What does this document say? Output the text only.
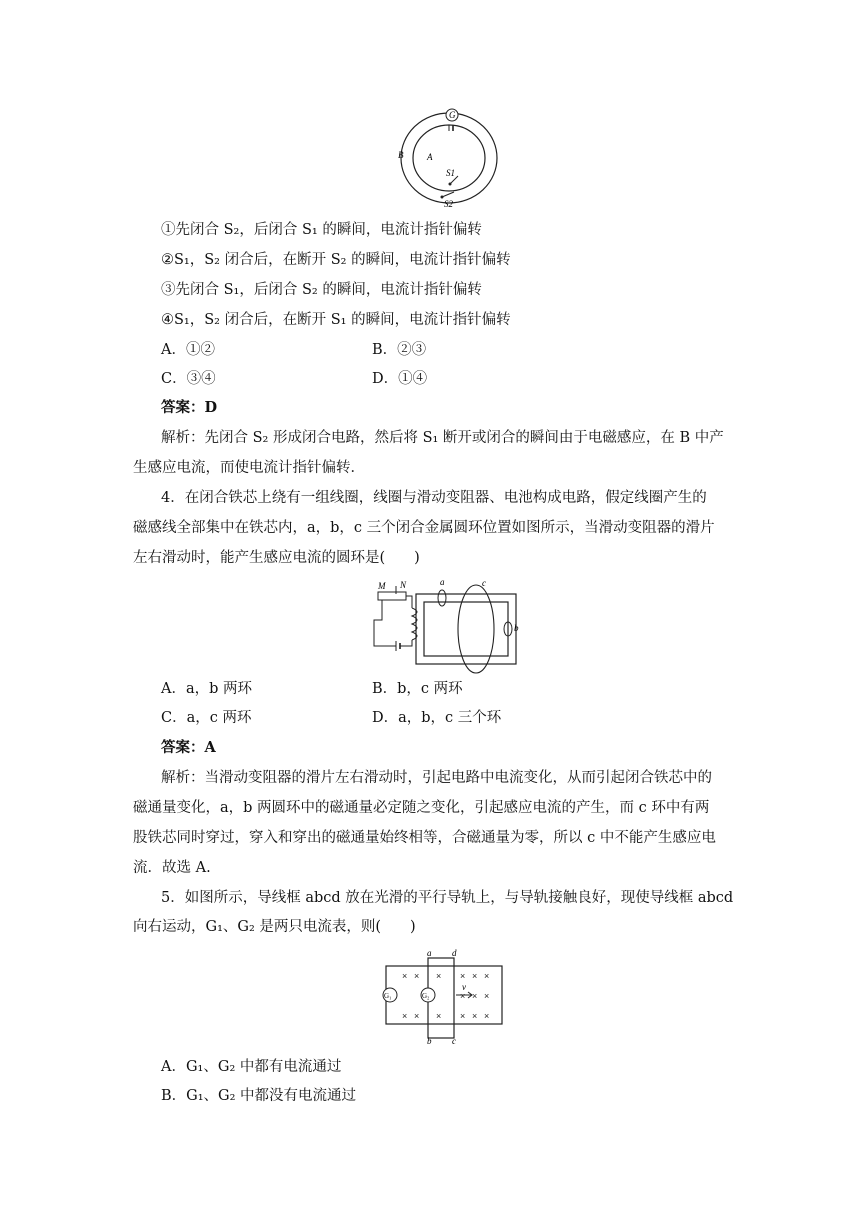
G
B	A
S1
S2
①先闭合 S₂，后闭合 S₁ 的瞬间，电流计指针偏转
②S₁，S₂ 闭合后，在断开 S₂ 的瞬间，电流计指针偏转
③先闭合 S₁，后闭合 S₂ 的瞬间，电流计指针偏转
④S₁，S₂ 闭合后，在断开 S₁ 的瞬间，电流计指针偏转
A．①②	B．②③
C．③④	D．①④
答案：D
解析：先闭合 S₂ 形成闭合电路，然后将 S₁ 断开或闭合的瞬间由于电磁感应，在 B 中产
生感应电流，而使电流计指针偏转．
4．在闭合铁芯上绕有一组线圈，线圈与滑动变阻器、电池构成电路，假定线圈产生的
磁感线全部集中在铁芯内，a，b，c 三个闭合金属圆环位置如图所示，当滑动变阻器的滑片
左右滑动时，能产生感应电流的圆环是(　　)
M N	a	c
b
A．a，b 两环	B．b，c 两环
C．a，c 两环	D．a，b，c 三个环
答案：A
解析：当滑动变阻器的滑片左右滑动时，引起电路中电流变化，从而引起闭合铁芯中的
磁通量变化，a，b 两圆环中的磁通量必定随之变化，引起感应电流的产生，而 c 环中有两
股铁芯同时穿过，穿入和穿出的磁通量始终相等，合磁通量为零，所以 c 中不能产生感应电
流．故选 A.
5．如图所示，导线框 abcd 放在光滑的平行导轨上，与导轨接触良好，现使导线框 abcd
向右运动，G₁、G₂ 是两只电流表，则(　　)
a d
b c
× × × × × ×
× × ×
× × × × × ×
G₁	G₂
v
A．G₁、G₂ 中都有电流通过
B．G₁、G₂ 中都没有电流通过
